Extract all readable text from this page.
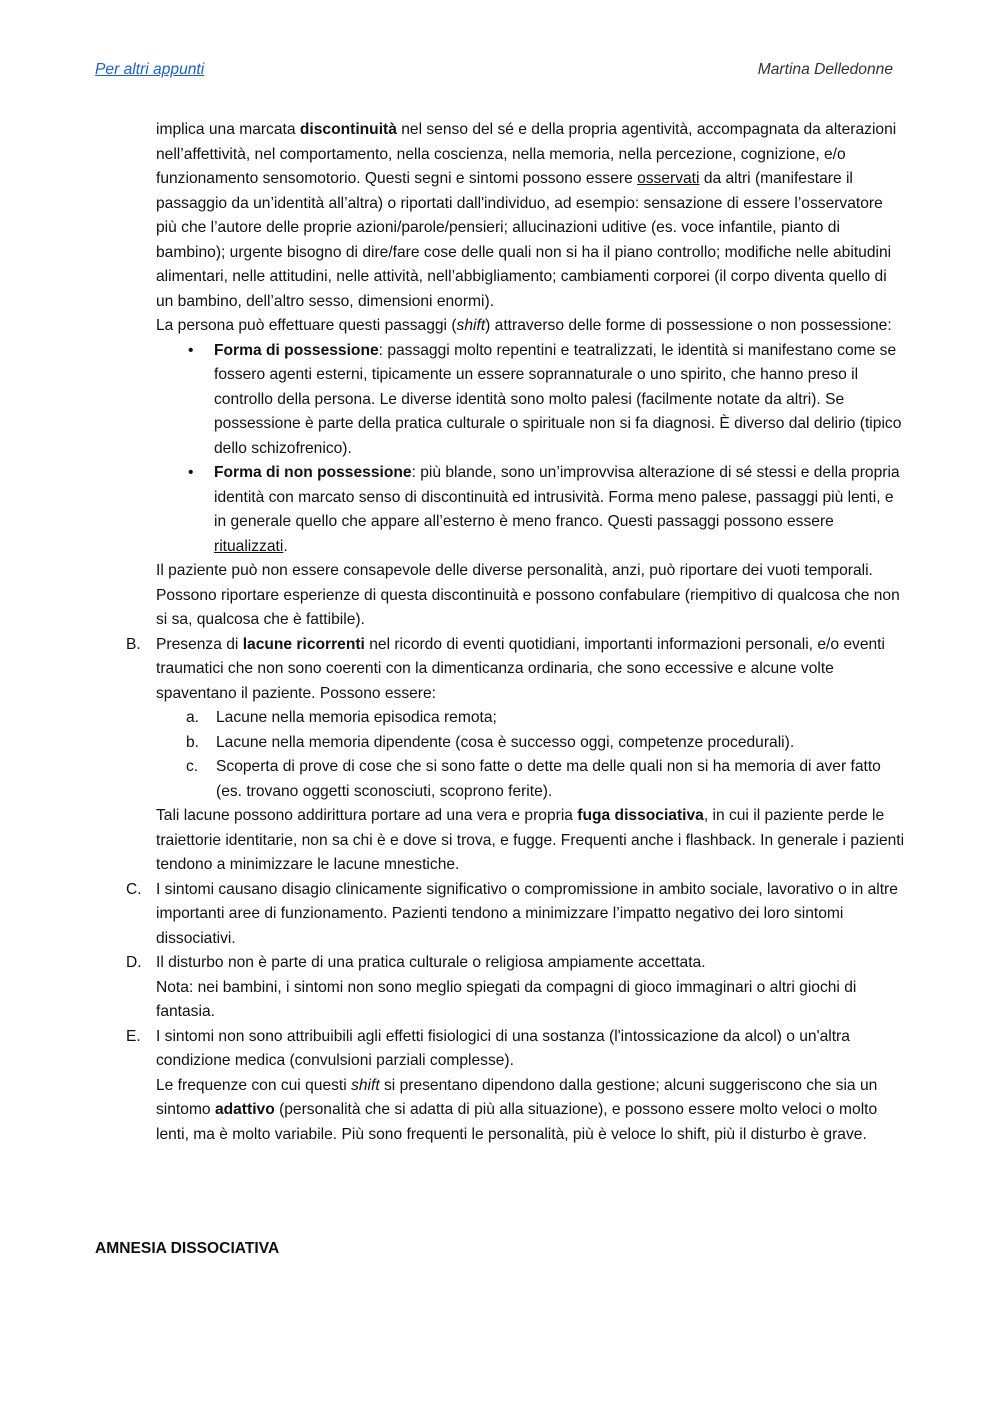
Per altri appunti	Martina Delledonne

implica una marcata discontinuità nel senso del sé e della propria agentività, accompagnata da alterazioni nell’affettività, nel comportamento, nella coscienza, nella memoria, nella percezione, cognizione, e/o funzionamento sensomotorio. Questi segni e sintomi possono essere osservati da altri (manifestare il passaggio da un’identità all’altra) o riportati dall'individuo, ad esempio: sensazione di essere l’osservatore più che l’autore delle proprie azioni/parole/pensieri; allucinazioni uditive (es. voce infantile, pianto di bambino); urgente bisogno di dire/fare cose delle quali non si ha il piano controllo; modifiche nelle abitudini alimentari, nelle attitudini, nelle attività, nell’abbigliamento; cambiamenti corporei (il corpo diventa quello di un bambino, dell’altro sesso, dimensioni enormi).

La persona può effettuare questi passaggi (shift) attraverso delle forme di possessione o non possessione:

•	Forma di possessione: passaggi molto repentini e teatralizzati, le identità si manifestano come se fossero agenti esterni, tipicamente un essere soprannaturale o uno spirito, che hanno preso il controllo della persona. Le diverse identità sono molto palesi (facilmente notate da altri). Se possessione è parte della pratica culturale o spirituale non si fa diagnosi. È diverso dal delirio (tipico dello schizofrenico).
•	Forma di non possessione: più blande, sono un’improvvisa alterazione di sé stessi e della propria identità con marcato senso di discontinuità ed intrusività. Forma meno palese, passaggi più lenti, e in generale quello che appare all’esterno è meno franco. Questi passaggi possono essere ritualizzati.

Il paziente può non essere consapevole delle diverse personalità, anzi, può riportare dei vuoti temporali. Possono riportare esperienze di questa discontinuità e possono confabulare (riempitivo di qualcosa che non si sa, qualcosa che è fattibile).

B. Presenza di lacune ricorrenti nel ricordo di eventi quotidiani, importanti informazioni personali, e/o eventi traumatici che non sono coerenti con la dimenticanza ordinaria, che sono eccessive e alcune volte spaventano il paziente. Possono essere:
a.	Lacune nella memoria episodica remota;
b.	Lacune nella memoria dipendente (cosa è successo oggi, competenze procedurali).
c.	Scoperta di prove di cose che si sono fatte o dette ma delle quali non si ha memoria di aver fatto (es. trovano oggetti sconosciuti, scoprono ferite).

Tali lacune possono addirittura portare ad una vera e propria fuga dissociativa, in cui il paziente perde le traiettorie identitarie, non sa chi è e dove si trova, e fugge. Frequenti anche i flashback. In generale i pazienti tendono a minimizzare le lacune mnestiche.

C. I sintomi causano disagio clinicamente significativo o compromissione in ambito sociale, lavorativo o in altre importanti aree di funzionamento. Pazienti tendono a minimizzare l’impatto negativo dei loro sintomi dissociativi.
D. Il disturbo non è parte di una pratica culturale o religiosa ampiamente accettata.

Nota: nei bambini, i sintomi non sono meglio spiegati da compagni di gioco immaginari o altri giochi di fantasia.

E. I sintomi non sono attribuibili agli effetti fisiologici di una sostanza (l'intossicazione da alcol) o un'altra condizione medica (convulsioni parziali complesse).

Le frequenze con cui questi shift si presentano dipendono dalla gestione; alcuni suggeriscono che sia un sintomo adattivo (personalità che si adatta di più alla situazione), e possono essere molto veloci o molto lenti, ma è molto variabile. Più sono frequenti le personalità, più è veloce lo shift, più il disturbo è grave.

AMNESIA DISSOCIATIVA
